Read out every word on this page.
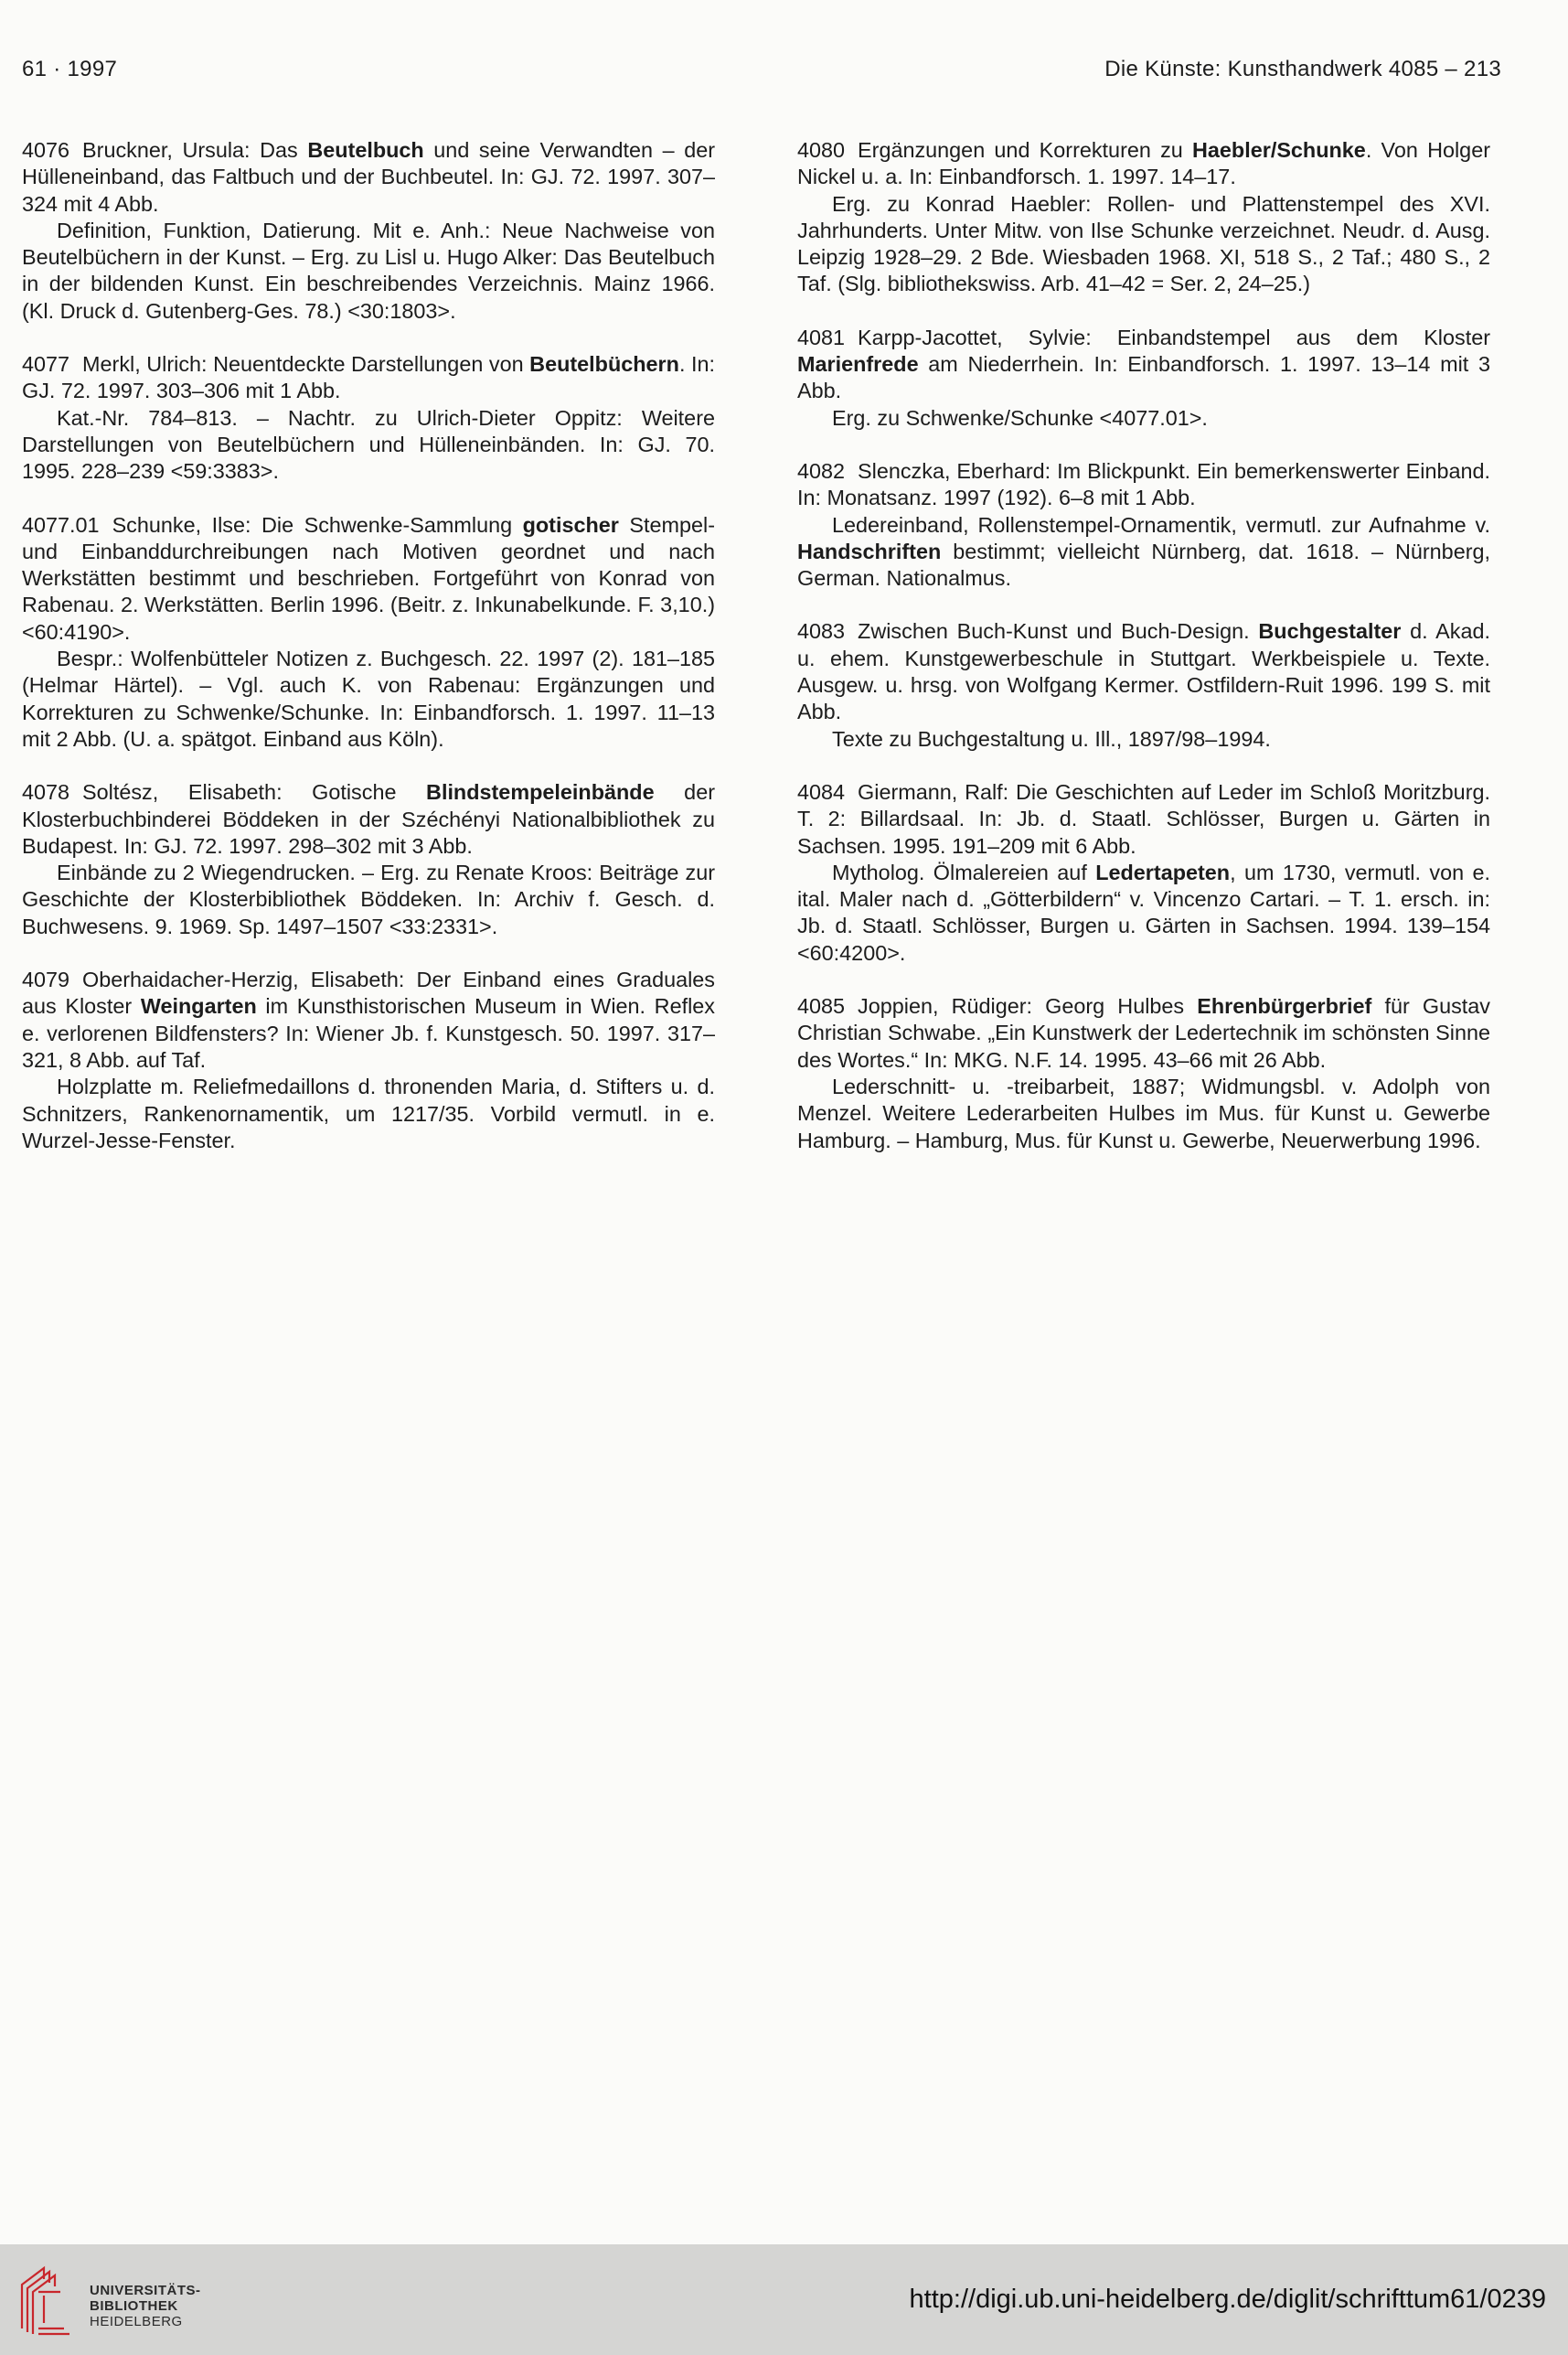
61 · 1997	Die Künste: Kunsthandwerk 4085 – 213

4076 Bruckner, Ursula: Das Beutelbuch und seine Verwandten – der Hülleneinband, das Faltbuch und der Buchbeutel. In: GJ. 72. 1997. 307–324 mit 4 Abb.

Definition, Funktion, Datierung. Mit e. Anh.: Neue Nachweise von Beutelbüchern in der Kunst. – Erg. zu Lisl u. Hugo Alker: Das Beutelbuch in der bildenden Kunst. Ein beschreibendes Verzeichnis. Mainz 1966. (Kl. Druck d. Gutenberg-Ges. 78.) <30:1803>.

4077 Merkl, Ulrich: Neuentdeckte Darstellungen von Beutelbüchern. In: GJ. 72. 1997. 303–306 mit 1 Abb.

Kat.-Nr. 784–813. – Nachtr. zu Ulrich-Dieter Oppitz: Weitere Darstellungen von Beutelbüchern und Hülleneinbänden. In: GJ. 70. 1995. 228–239 <59:3383>.

4077.01 Schunke, Ilse: Die Schwenke-Sammlung gotischer Stempel- und Einbanddurchreibungen nach Motiven geordnet und nach Werkstätten bestimmt und beschrieben. Fortgeführt von Konrad von Rabenau. 2. Werkstätten. Berlin 1996. (Beitr. z. Inkunabelkunde. F. 3,10.) <60:4190>.

Bespr.: Wolfenbütteler Notizen z. Buchgesch. 22. 1997 (2). 181–185 (Helmar Härtel). – Vgl. auch K. von Rabenau: Ergänzungen und Korrekturen zu Schwenke/Schunke. In: Einbandforsch. 1. 1997. 11–13 mit 2 Abb. (U. a. spätgot. Einband aus Köln).

4078 Soltész, Elisabeth: Gotische Blindstempeleinbände der Klosterbuchbinderei Böddeken in der Széchényi Nationalbibliothek zu Budapest. In: GJ. 72. 1997. 298–302 mit 3 Abb.

Einbände zu 2 Wiegendrucken. – Erg. zu Renate Kroos: Beiträge zur Geschichte der Klosterbibliothek Böddeken. In: Archiv f. Gesch. d. Buchwesens. 9. 1969. Sp. 1497–1507 <33:2331>.

4079 Oberhaidacher-Herzig, Elisabeth: Der Einband eines Graduales aus Kloster Weingarten im Kunsthistorischen Museum in Wien. Reflex e. verlorenen Bildfensters? In: Wiener Jb. f. Kunstgesch. 50. 1997. 317–321, 8 Abb. auf Taf.

Holzplatte m. Reliefmedaillons d. thronenden Maria, d. Stifters u. d. Schnitzers, Rankenornamentik, um 1217/35. Vorbild vermutl. in e. Wurzel-Jesse-Fenster.

4080 Ergänzungen und Korrekturen zu Haebler/Schunke. Von Holger Nickel u. a. In: Einbandforsch. 1. 1997. 14–17.

Erg. zu Konrad Haebler: Rollen- und Plattenstempel des XVI. Jahrhunderts. Unter Mitw. von Ilse Schunke verzeichnet. Neudr. d. Ausg. Leipzig 1928–29. 2 Bde. Wiesbaden 1968. XI, 518 S., 2 Taf.; 480 S., 2 Taf. (Slg. bibliothekswiss. Arb. 41–42 = Ser. 2, 24–25.)

4081 Karpp-Jacottet, Sylvie: Einbandstempel aus dem Kloster Marienfrede am Niederrhein. In: Einbandforsch. 1. 1997. 13–14 mit 3 Abb.

Erg. zu Schwenke/Schunke <4077.01>.

4082 Slenczka, Eberhard: Im Blickpunkt. Ein bemerkenswerter Einband. In: Monatsanz. 1997 (192). 6–8 mit 1 Abb.

Ledereinband, Rollenstempel-Ornamentik, vermutl. zur Aufnahme v. Handschriften bestimmt; vielleicht Nürnberg, dat. 1618. – Nürnberg, German. Nationalmus.

4083 Zwischen Buch-Kunst und Buch-Design. Buchgestalter d. Akad. u. ehem. Kunstgewerbeschule in Stuttgart. Werkbeispiele u. Texte. Ausgew. u. hrsg. von Wolfgang Kermer. Ostfildern-Ruit 1996. 199 S. mit Abb.

Texte zu Buchgestaltung u. Ill., 1897/98–1994.

4084 Giermann, Ralf: Die Geschichten auf Leder im Schloß Moritzburg. T. 2: Billardsaal. In: Jb. d. Staatl. Schlösser, Burgen u. Gärten in Sachsen. 1995. 191–209 mit 6 Abb.

Mytholog. Ölmalereien auf Ledertapeten, um 1730, vermutl. von e. ital. Maler nach d. „Götterbildern“ v. Vincenzo Cartari. – T. 1. ersch. in: Jb. d. Staatl. Schlösser, Burgen u. Gärten in Sachsen. 1994. 139–154 <60:4200>.

4085 Joppien, Rüdiger: Georg Hulbes Ehrenbürgerbrief für Gustav Christian Schwabe. „Ein Kunstwerk der Ledertechnik im schönsten Sinne des Wortes.“ In: MKG. N.F. 14. 1995. 43–66 mit 26 Abb.

Lederschnitt- u. -treibarbeit, 1887; Widmungsbl. v. Adolph von Menzel. Weitere Lederarbeiten Hulbes im Mus. für Kunst u. Gewerbe Hamburg. – Hamburg, Mus. für Kunst u. Gewerbe, Neuerwerbung 1996.

UNIVERSITÄTS-
BIBLIOTHEK
HEIDELBERG
http://digi.ub.uni-heidelberg.de/diglit/schrifttum61/0239
